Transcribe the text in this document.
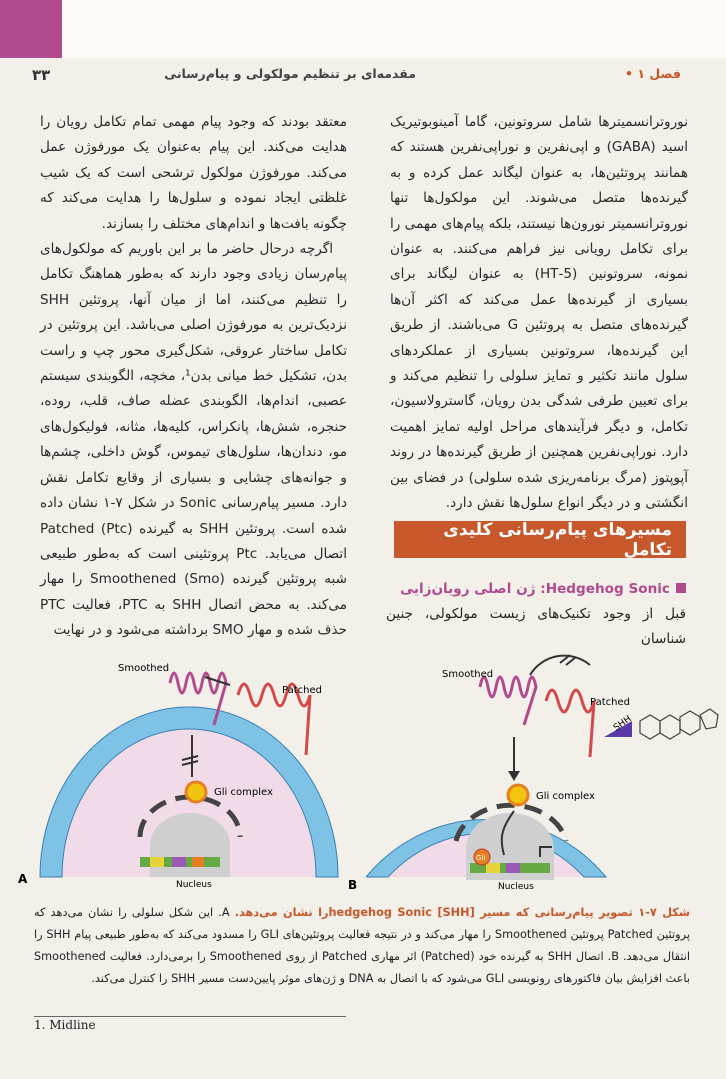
۳۳	مقدمه‌ای بر تنظیم مولکولی و پیام‌رسانی	فصل ۱ •

نوروترانسمیترها شامل سروتونین، گاما آمینوبوتیریک اسید (GABA) و اپی‌نفرین و نوراپی‌نفرین هستند که همانند پروتئین‌ها، به عنوان لیگاند عمل کرده و به گیرنده‌ها متصل می‌شوند. این مولکول‌ها تنها نوروترانسمیتر نورون‌ها نیستند، بلکه پیام‌های مهمی را برای تکامل رویانی نیز فراهم می‌کنند. به عنوان نمونه، سروتونین (5-HT) به عنوان لیگاند برای بسیاری از گیرنده‌ها عمل می‌کند که اکثر آن‌ها گیرنده‌های متصل به پروتئین G می‌باشند. از طریق این گیرنده‌ها، سروتونین بسیاری از عملکردهای سلول مانند تکثیر و تمایز سلولی را تنظیم می‌کند و برای تعیین طرفی شدگی بدن رویان، گاسترولاسیون، تکامل، و دیگر فرآیندهای مراحل اولیه تمایز اهمیت دارد. نوراپی‌نفرین همچنین از طریق گیرنده‌ها در روند آپوپتوز (مرگ برنامه‌ریزی شده سلولی) در فضای بین انگشتی و در دیگر انواع سلول‌ها نقش دارد.

معتقد بودند که وجود پیام مهمی تمام تکامل رویان را هدایت می‌کند. این پیام به‌عنوان یک مورفوژن عمل می‌کند. مورفوژن مولکول ترشحی است که یک شیب غلظتی ایجاد نموده و سلول‌ها را هدایت می‌کند که چگونه بافت‌ها و اندام‌های مختلف را بسازند.

اگرچه درحال حاضر ما بر این باوریم که مولکول‌های پیام‌رسان زیادی وجود دارند که به‌طور هماهنگ تکامل را تنظیم می‌کنند، اما از میان آنها، پروتئین SHH نزدیک‌ترین به مورفوژن اصلی می‌باشد. این پروتئین در تکامل ساختار عروقی، شکل‌گیری محور چپ و راست بدن، تشکیل خط میانی بدن¹، مخچه، الگوبندی سیستم عصبی، اندام‌ها، الگوبندی عضله صاف، قلب، روده، حنجره، شش‌ها، پانکراس، کلیه‌ها، مثانه، فولیکول‌های مو، دندان‌ها، سلول‌های تیموس، گوش داخلی، چشم‌ها و جوانه‌های چشایی و بسیاری از وقایع تکامل نقش دارد. مسیر پیام‌رسانی Sonic در شکل ۷-۱ نشان داده شده است. پروتئین SHH به گیرنده Patched (Ptc) اتصال می‌یابد. Ptc پروتئینی است که به‌طور طبیعی شبه پروتئین گیرنده Smoothened (Smo) را مهار می‌کند. به محض اتصال SHH به PTC، فعالیت PTC حذف شده و مهار SMO برداشته می‌شود و در نهایت

مسیرهای پیام‌رسانی کلیدی تکامل
Hedgehog Sonic: ژن اصلی رویان‌زایی
قبل از وجود تکنیک‌های زیست مولکولی، جنین شناسان
Smoothed
Patched
Gli complex
Nucleus
A	B
Smoothed
Patched
SHH
Gli complex
Gli
Nucleus
شکل ۷-۱ تصویر پیام‌رسانی که مسیر [SHH] hedgehog Sonicرا نشان می‌دهد. A. این شکل سلولی را نشان می‌دهد که پروتئین Patched پروتئین Smoothened را مهار می‌کند و در نتیجه فعالیت پروتئین‌های GLI را مسدود می‌کند که به‌طور طبیعی پیام SHH را انتقال می‌دهد. B. اتصال SHH به گیرنده خود (Patched) اثر مهاری Patched از روی Smoothened را برمی‌دارد. فعالیت Smoothened باعث افزایش بیان فاکتورهای رونویسی GLI می‌شود که با اتصال به DNA و ژن‌های موثر پایین‌دست مسیر SHH را کنترل می‌کند.
1. Midline
